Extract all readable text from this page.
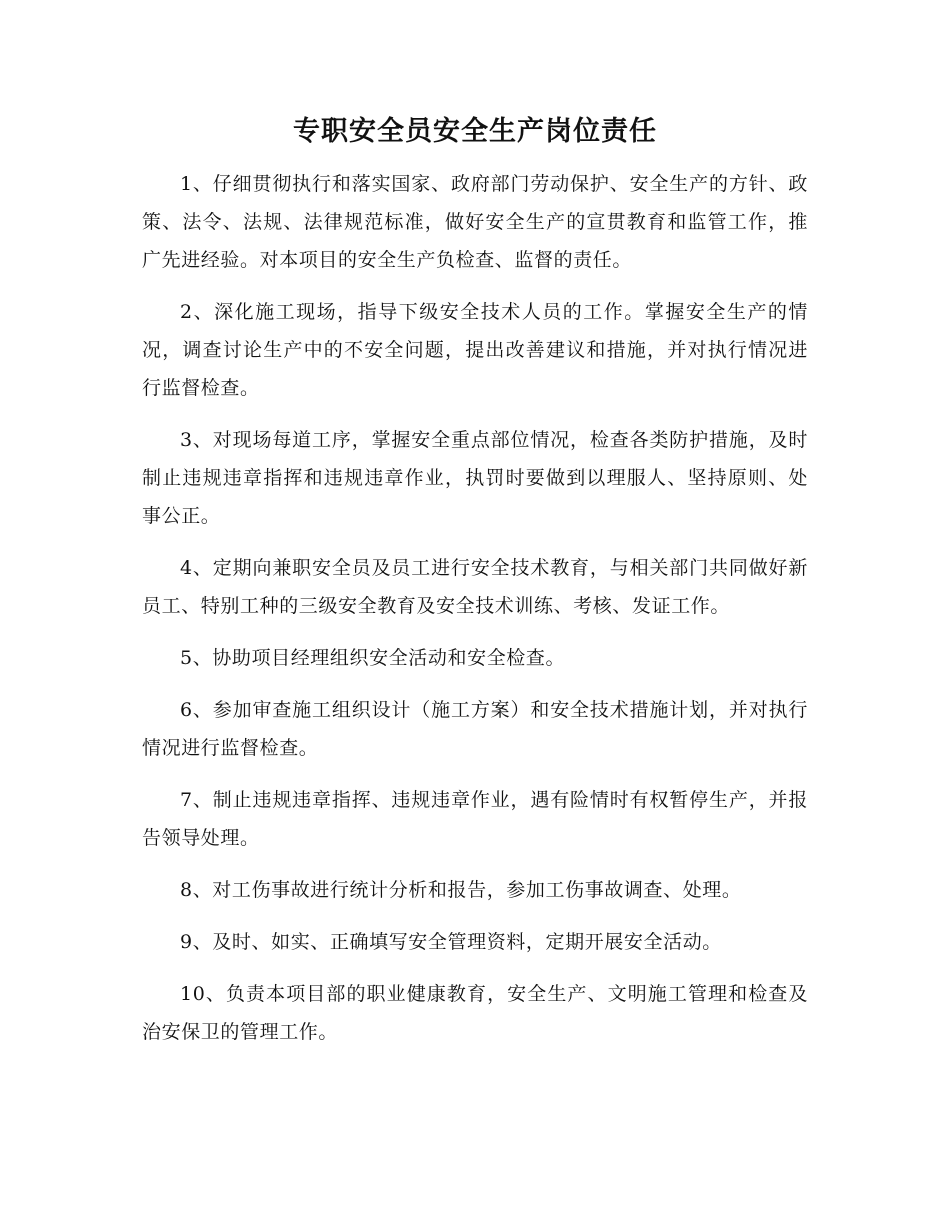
专职安全员安全生产岗位责任

1、仔细贯彻执行和落实国家、政府部门劳动保护、安全生产的方针、政策、法令、法规、法律规范标准，做好安全生产的宣贯教育和监管工作，推广先进经验。对本项目的安全生产负检查、监督的责任。

2、深化施工现场，指导下级安全技术人员的工作。掌握安全生产的情况，调查讨论生产中的不安全问题，提出改善建议和措施，并对执行情况进行监督检查。

3、对现场每道工序，掌握安全重点部位情况，检查各类防护措施，及时制止违规违章指挥和违规违章作业，执罚时要做到以理服人、坚持原则、处事公正。

4、定期向兼职安全员及员工进行安全技术教育，与相关部门共同做好新员工、特别工种的三级安全教育及安全技术训练、考核、发证工作。

5、协助项目经理组织安全活动和安全检查。

6、参加审查施工组织设计（施工方案）和安全技术措施计划，并对执行情况进行监督检查。

7、制止违规违章指挥、违规违章作业，遇有险情时有权暂停生产，并报告领导处理。

8、对工伤事故进行统计分析和报告，参加工伤事故调查、处理。

9、及时、如实、正确填写安全管理资料，定期开展安全活动。

10、负责本项目部的职业健康教育，安全生产、文明施工管理和检查及治安保卫的管理工作。
